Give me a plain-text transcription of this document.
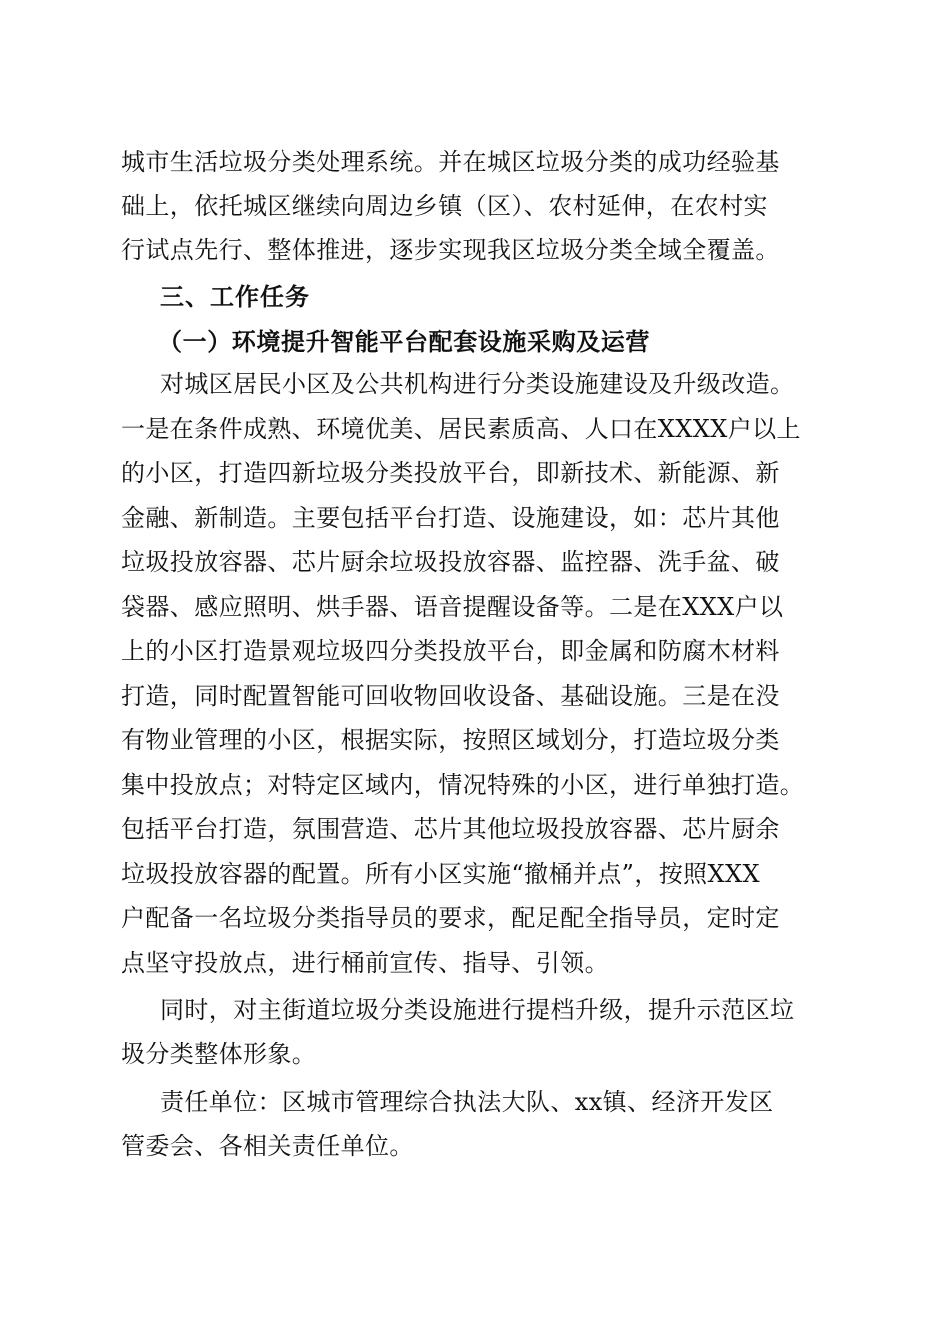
城市生活垃圾分类处理系统。并在城区垃圾分类的成功经验基

础上，依托城区继续向周边乡镇（区）、农村延伸，在农村实

行试点先行、整体推进，逐步实现我区垃圾分类全域全覆盖。

三、工作任务

（一）环境提升智能平台配套设施采购及运营

对城区居民小区及公共机构进行分类设施建设及升级改造。

一是在条件成熟、环境优美、居民素质高、人口在XXXX户以上

的小区，打造四新垃圾分类投放平台，即新技术、新能源、新

金融、新制造。主要包括平台打造、设施建设，如：芯片其他

垃圾投放容器、芯片厨余垃圾投放容器、监控器、洗手盆、破

袋器、感应照明、烘手器、语音提醒设备等。二是在XXX户以

上的小区打造景观垃圾四分类投放平台，即金属和防腐木材料

打造，同时配置智能可回收物回收设备、基础设施。三是在没

有物业管理的小区，根据实际，按照区域划分，打造垃圾分类

集中投放点；对特定区域内，情况特殊的小区，进行单独打造。

包括平台打造，氛围营造、芯片其他垃圾投放容器、芯片厨余

垃圾投放容器的配置。所有小区实施“撤桶并点”，按照XXX

户配备一名垃圾分类指导员的要求，配足配全指导员，定时定

点坚守投放点，进行桶前宣传、指导、引领。

同时，对主街道垃圾分类设施进行提档升级，提升示范区垃

圾分类整体形象。

责任单位：区城市管理综合执法大队、xx镇、经济开发区

管委会、各相关责任单位。
